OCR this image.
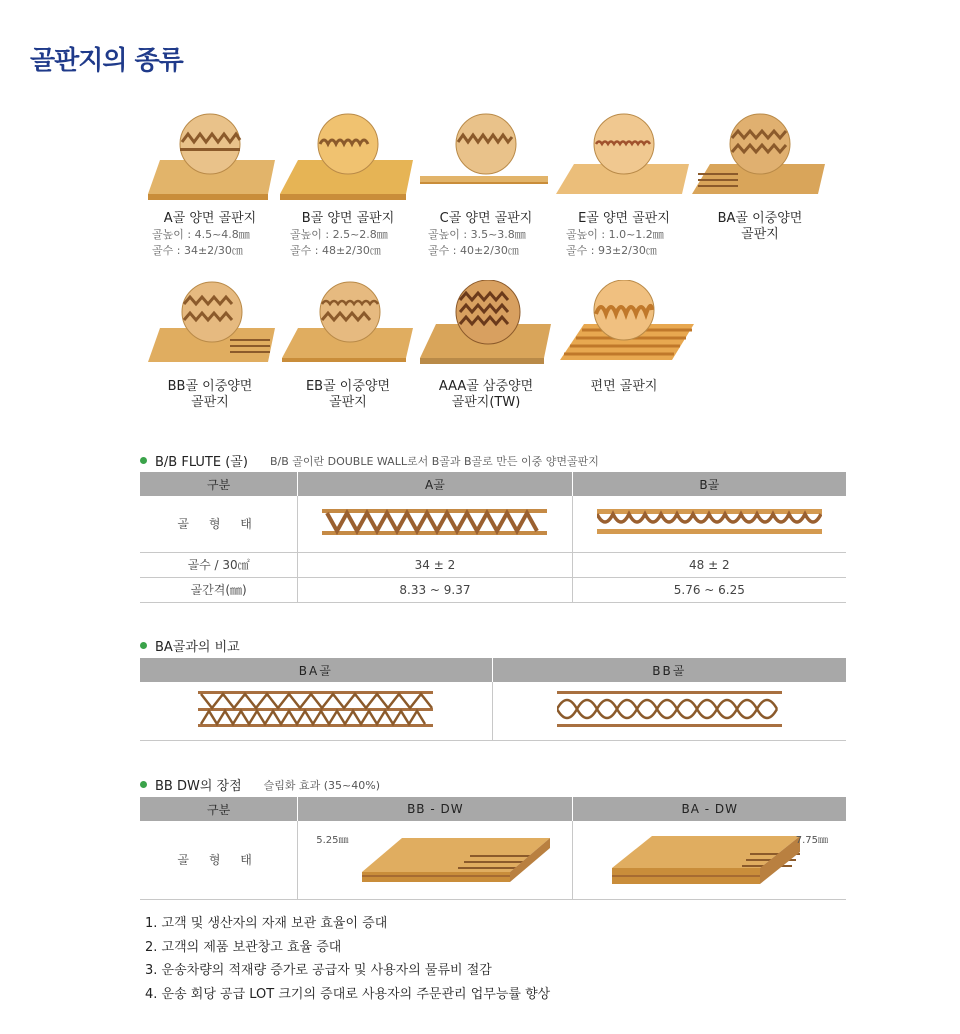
골판지의 종류
A골 양면 골판지
골높이 : 4.5~4.8㎜
골수 : 34±2/30㎝
B골 양면 골판지
골높이 : 2.5~2.8㎜
골수 : 48±2/30㎝
C골 양면 골판지
골높이 : 3.5~3.8㎜
골수 : 40±2/30㎝
E골 양면 골판지
골높이 : 1.0~1.2㎜
골수 : 93±2/30㎝
BA골 이중양면
골판지
BB골 이중양면
골판지
EB골 이중양면
골판지
AAA골 삼중양면
골판지(TW)
편면 골판지
B/B FLUTE (골) B/B 골이란 DOUBLE WALL로서 B골과 B골로 만든 이중 양면골판지
구분	A골	B골
골 형 태		
골수 / 30㎠	34 ± 2	48 ± 2
골간격(㎜)	8.33 ~ 9.37	5.76 ~ 6.25
BA골과의 비교
BA골	BB골

BB DW의 장점 슬림화 효과 (35~40%)
구분	BB - DW	BA - DW
골 형 태	5.25㎜	7.75㎜
1. 고객 및 생산자의 자재 보관 효율이 증대
2. 고객의 제품 보관창고 효율 증대
3. 운송차량의 적재량 증가로 공급자 및 사용자의 물류비 절감
4. 운송 회당 공급 LOT 크기의 증대로 사용자의 주문관리 업무능률 향상
